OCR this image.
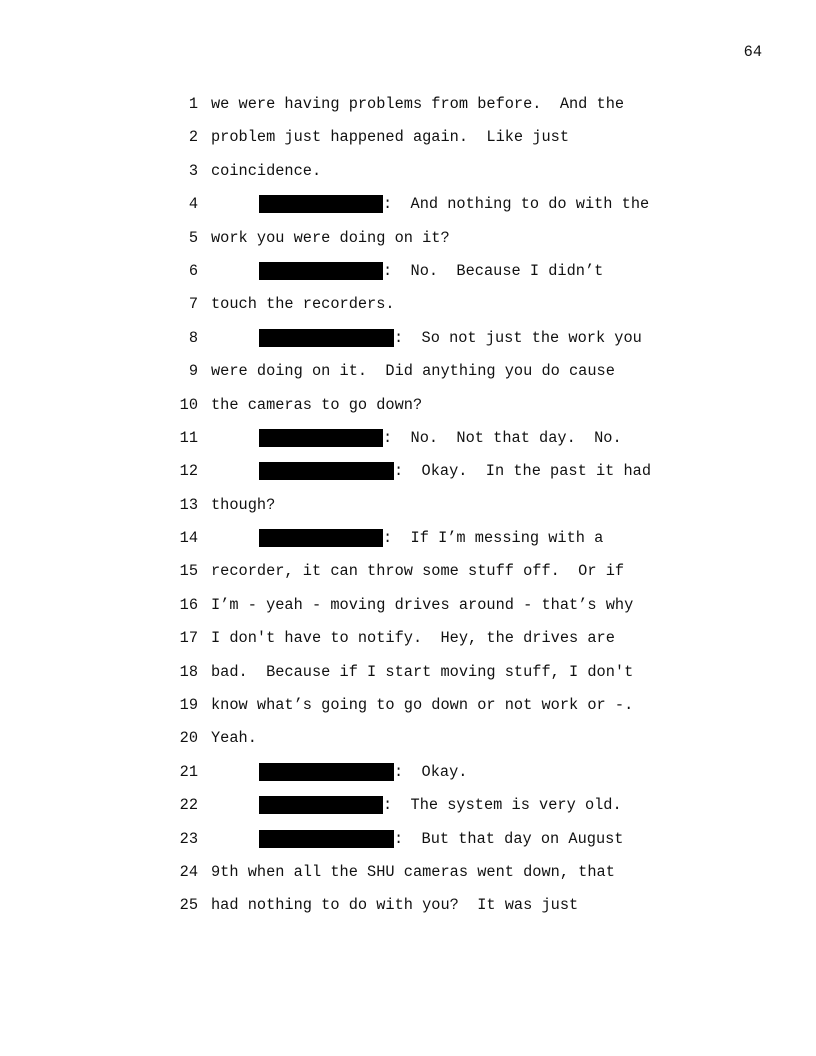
64
1 we were having problems from before.  And the
2 problem just happened again.  Like just
3 coincidence.
4	:  And nothing to do with the
5 work you were doing on it?
6	:  No.  Because I didn’t
7 touch the recorders.
8	:  So not just the work you
9 were doing on it.  Did anything you do cause
10 the cameras to go down?
11	:  No.  Not that day.  No.
12	:  Okay.  In the past it had
13 though?
14	:  If I’m messing with a
15 recorder, it can throw some stuff off.  Or if
16 I’m - yeah - moving drives around - that’s why
17 I don't have to notify.  Hey, the drives are
18 bad.  Because if I start moving stuff, I don't
19 know what’s going to go down or not work or -.
20 Yeah.
21	:  Okay.
22	:  The system is very old.
23	:  But that day on August
24 9th when all the SHU cameras went down, that
25 had nothing to do with you?  It was just
